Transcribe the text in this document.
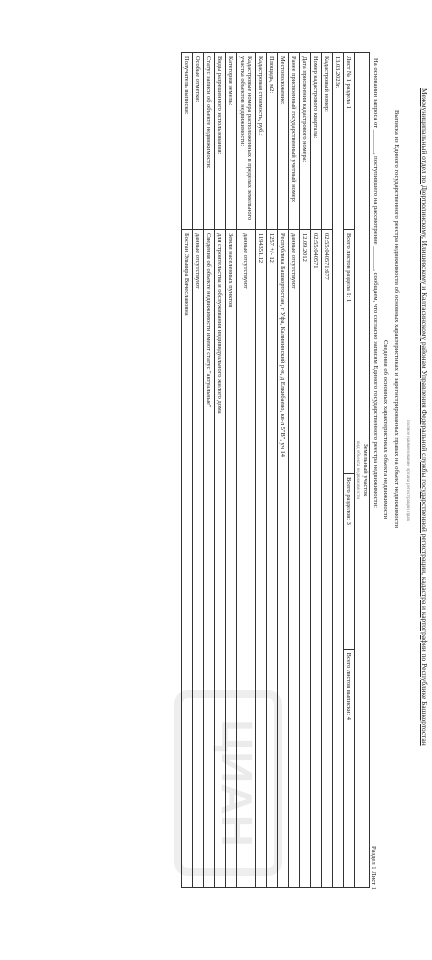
Межмуниципальный отдел по Дюртюлинскому, Илишевскому и Калтасинскому районам Управления Федеральной службы государственной регистрации, кадастра и картографии по Республике Башкортостан
полное наименование органа регистрации прав
Выписка из Единого государственного реестра недвижимости об основных характеристиках и зарегистрированных правах на объект недвижимости
Сведения об основных характеристиках объекта недвижимости
На основании запроса от _______, поступившего на рассмотрение _______, сообщаем, что согласно записям Единого государственного реестра недвижимости:
Раздел 1 Лист 1
ЦИАН
Земельный участок
вид объекта недвижимости			
Лист № 1 раздела 1	Всего листов раздела 1: 1	Всего разделов: 3	Всего листов выписки: 4
13.03.2023г.			
Кадастровый номер:	02:55:040571:677		
Номер кадастрового квартала:	02:55:040571		
Дата присвоения кадастрового номера:	12.09.2012		
Ранее присвоенный государственный учетный номер:	данные отсутствуют		
Местоположение:	Республика Башкортостан, г Уфа, Калининский р-н, д Елкибаево, кв-л 5"В", уч 14		
Площадь, м2:	1257 +/- 12		
Кадастровая стоимость, руб.:	1194351.12		
Кадастровые номера расположенных в пределах земельного участка объектов недвижимости:	данные отсутствуют		
Категория земель:	Земли населенных пунктов		
Виды разрешенного использования:	для строительства и обслуживания индивидуального жилого дома		
Статус записи об объекте недвижимости:	Сведения об объекте недвижимости имеют статус "актуальные"		
Особые отметки:	данные отсутствуют		
Получатель выписки:	Бостан Эльвира Вячеславовна		
